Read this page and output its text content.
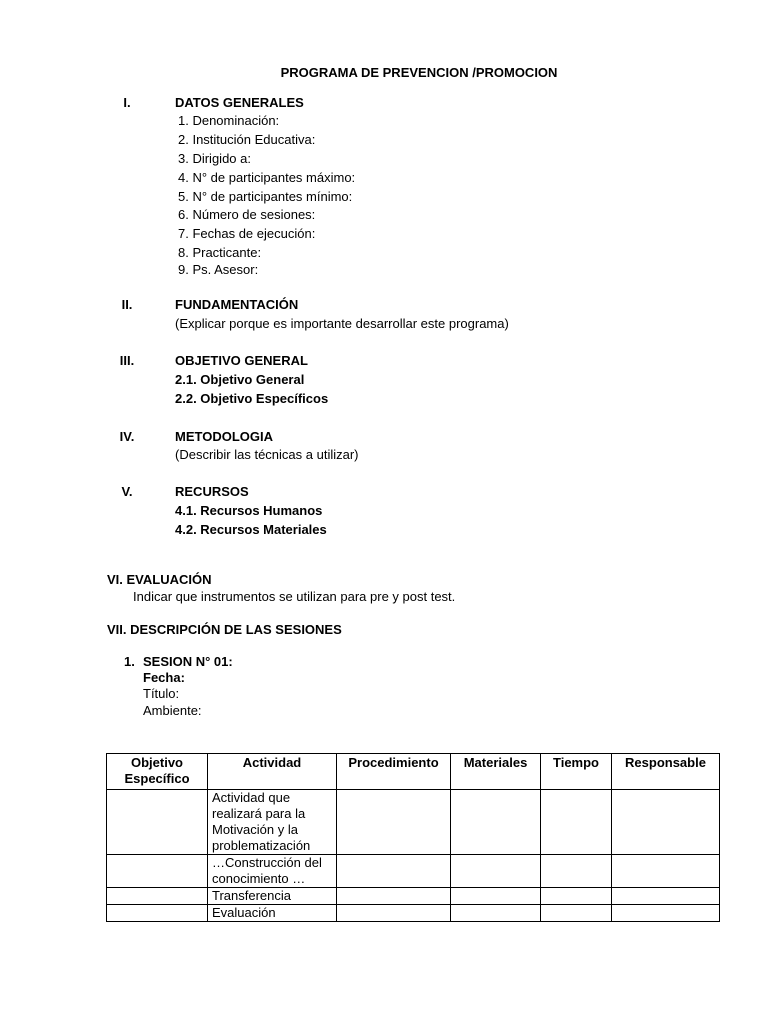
PROGRAMA DE PREVENCION /PROMOCION
I.	DATOS GENERALES
1. Denominación:
2. Institución Educativa:
3. Dirigido a:
4. N° de participantes máximo:
5. N° de participantes mínimo:
6. Número de sesiones:
7. Fechas de ejecución:
8. Practicante:
9. Ps. Asesor:
II.	FUNDAMENTACIÓN
(Explicar porque es importante desarrollar este programa)
III.	OBJETIVO GENERAL
2.1. Objetivo General
2.2. Objetivo Específicos
IV.	METODOLOGIA
(Describir las técnicas a utilizar)
V.	RECURSOS
4.1. Recursos Humanos
4.2. Recursos Materiales
VI. EVALUACIÓN
Indicar que instrumentos se utilizan para pre y post test.
VII. DESCRIPCIÓN DE LAS SESIONES
1. SESION N° 01:
Fecha:
Título:
Ambiente:
Objetivo Específico	Actividad	Procedimiento	Materiales	Tiempo	Responsable
	Actividad que realizará para la Motivación y la problematización				
	…Construcción del conocimiento …				
	Transferencia				
	Evaluación				
